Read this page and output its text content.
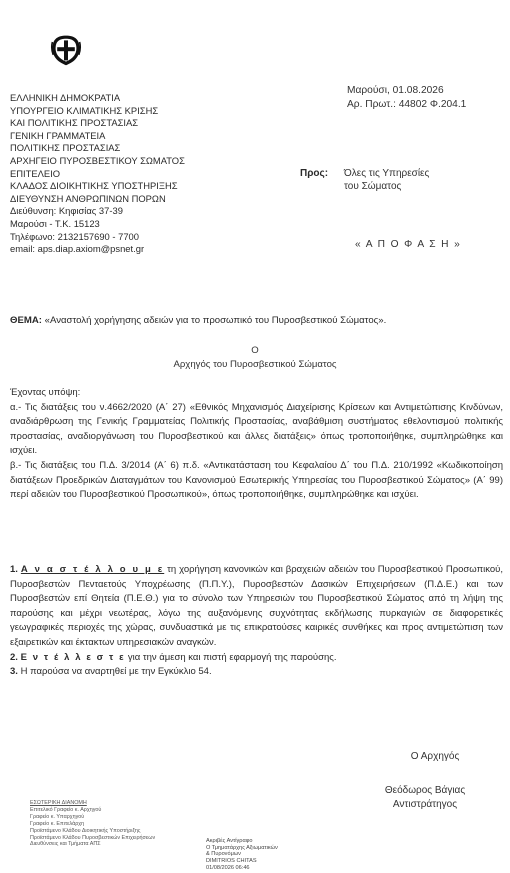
ΕΛΛΗΝΙΚΗ ΔΗΜΟΚΡΑΤΙΑ
ΥΠΟΥΡΓΕΙΟ ΚΛΙΜΑΤΙΚΗΣ ΚΡΙΣΗΣ
ΚΑΙ ΠΟΛΙΤΙΚΗΣ ΠΡΟΣΤΑΣΙΑΣ
ΓΕΝΙΚΗ ΓΡΑΜΜΑΤΕΙΑ
ΠΟΛΙΤΙΚΗΣ ΠΡΟΣΤΑΣΙΑΣ
ΑΡΧΗΓΕΙΟ ΠΥΡΟΣΒΕΣΤΙΚΟΥ ΣΩΜΑΤΟΣ
ΕΠΙΤΕΛΕΙΟ
ΚΛΑΔΟΣ ΔΙΟΙΚΗΤΙΚΗΣ ΥΠΟΣΤΗΡΙΞΗΣ
ΔΙΕΥΘΥΝΣΗ ΑΝΘΡΩΠΙΝΩΝ ΠΟΡΩΝ
Διεύθυνση: Κηφισίας 37-39
Μαρούσι - Τ.Κ. 15123
Τηλέφωνο: 2132157690 - 7700
email: aps.diap.axiom@psnet.gr
Μαρούσι, 01.08.2026
Αρ. Πρωτ.: 44802 Φ.204.1
Προς: Όλες τις Υπηρεσίες
του Σώματος
« Α Π Ο Φ Α Σ Η »
ΘΕΜΑ: «Αναστολή χορήγησης αδειών για το προσωπικό του Πυροσβεστικού Σώματος».
Ο
Αρχηγός του Πυροσβεστικού Σώματος

Έχοντας υπόψη:

α.- Τις διατάξεις του ν.4662/2020 (Α΄ 27) «Εθνικός Μηχανισμός Διαχείρισης Κρίσεων και Αντιμετώπισης Κινδύνων, αναδιάρθρωση της Γενικής Γραμματείας Πολιτικής Προστασίας, αναβάθμιση συστήματος εθελοντισμού πολιτικής προστασίας, αναδιοργάνωση του Πυροσβεστικού και άλλες διατάξεις» όπως τροποποιήθηκε, συμπληρώθηκε και ισχύει.

β.- Τις διατάξεις του Π.Δ. 3/2014 (Α΄ 6) π.δ. «Αντικατάσταση του Κεφαλαίου Δ΄ του Π.Δ. 210/1992 «Κωδικοποίηση διατάξεων Προεδρικών Διαταγμάτων του Κανονισμού Εσωτερικής Υπηρεσίας του Πυροσβεστικού Σώματος» (Α΄ 99) περί αδειών του Πυροσβεστικού Προσωπικού», όπως τροποποιήθηκε, συμπληρώθηκε και ισχύει.

1. Α ν α σ τ έ λ λ ο υ μ ε τη χορήγηση κανονικών και βραχειών αδειών του Πυροσβεστικού Προσωπικού, Πυροσβεστών Πενταετούς Υποχρέωσης (Π.Π.Υ.), Πυροσβεστών Δασικών Επιχειρήσεων (Π.Δ.Ε.) και των Πυροσβεστών επί Θητεία (Π.Ε.Θ.) για το σύνολο των Υπηρεσιών του Πυροσβεστικού Σώματος από τη λήψη της παρούσης και μέχρι νεωτέρας, λόγω της αυξανόμενης συχνότητας εκδήλωσης πυρκαγιών σε διαφορετικές γεωγραφικές περιοχές της χώρας, συνδυαστικά με τις επικρατούσες καιρικές συνθήκες και προς αντιμετώπιση των εξαιρετικών και έκτακτων υπηρεσιακών αναγκών.

2. Ε ν τ έ λ λ ε σ τ ε για την άμεση και πιστή εφαρμογή της παρούσης.

3. Η παρούσα να αναρτηθεί με την Εγκύκλιο 54.

Ο Αρχηγός
Θεόδωρος Βάγιας
Αντιστράτηγος
ΕΣΩΤΕΡΙΚΗ ΔΙΑΝΟΜΗ
Επιτελικό Γραφείο κ. Αρχηγού
Γραφείο κ. Υπαρχηγού
Γραφείο κ. Επιτελάρχη
Προϊστάμενο Κλάδου Διοικητικής Υποστήριξης
Προϊστάμενο Κλάδου Πυροσβεστικών Επιχειρήσεων
Διευθύνσεις και Τμήματα ΑΠΣ
Ακριβές Αντίγραφο
Ο Τμηματάρχης Αξιωματικών
& Πυρονόμων
DIMITRIOS CHITAS
01/08/2026 06:46
